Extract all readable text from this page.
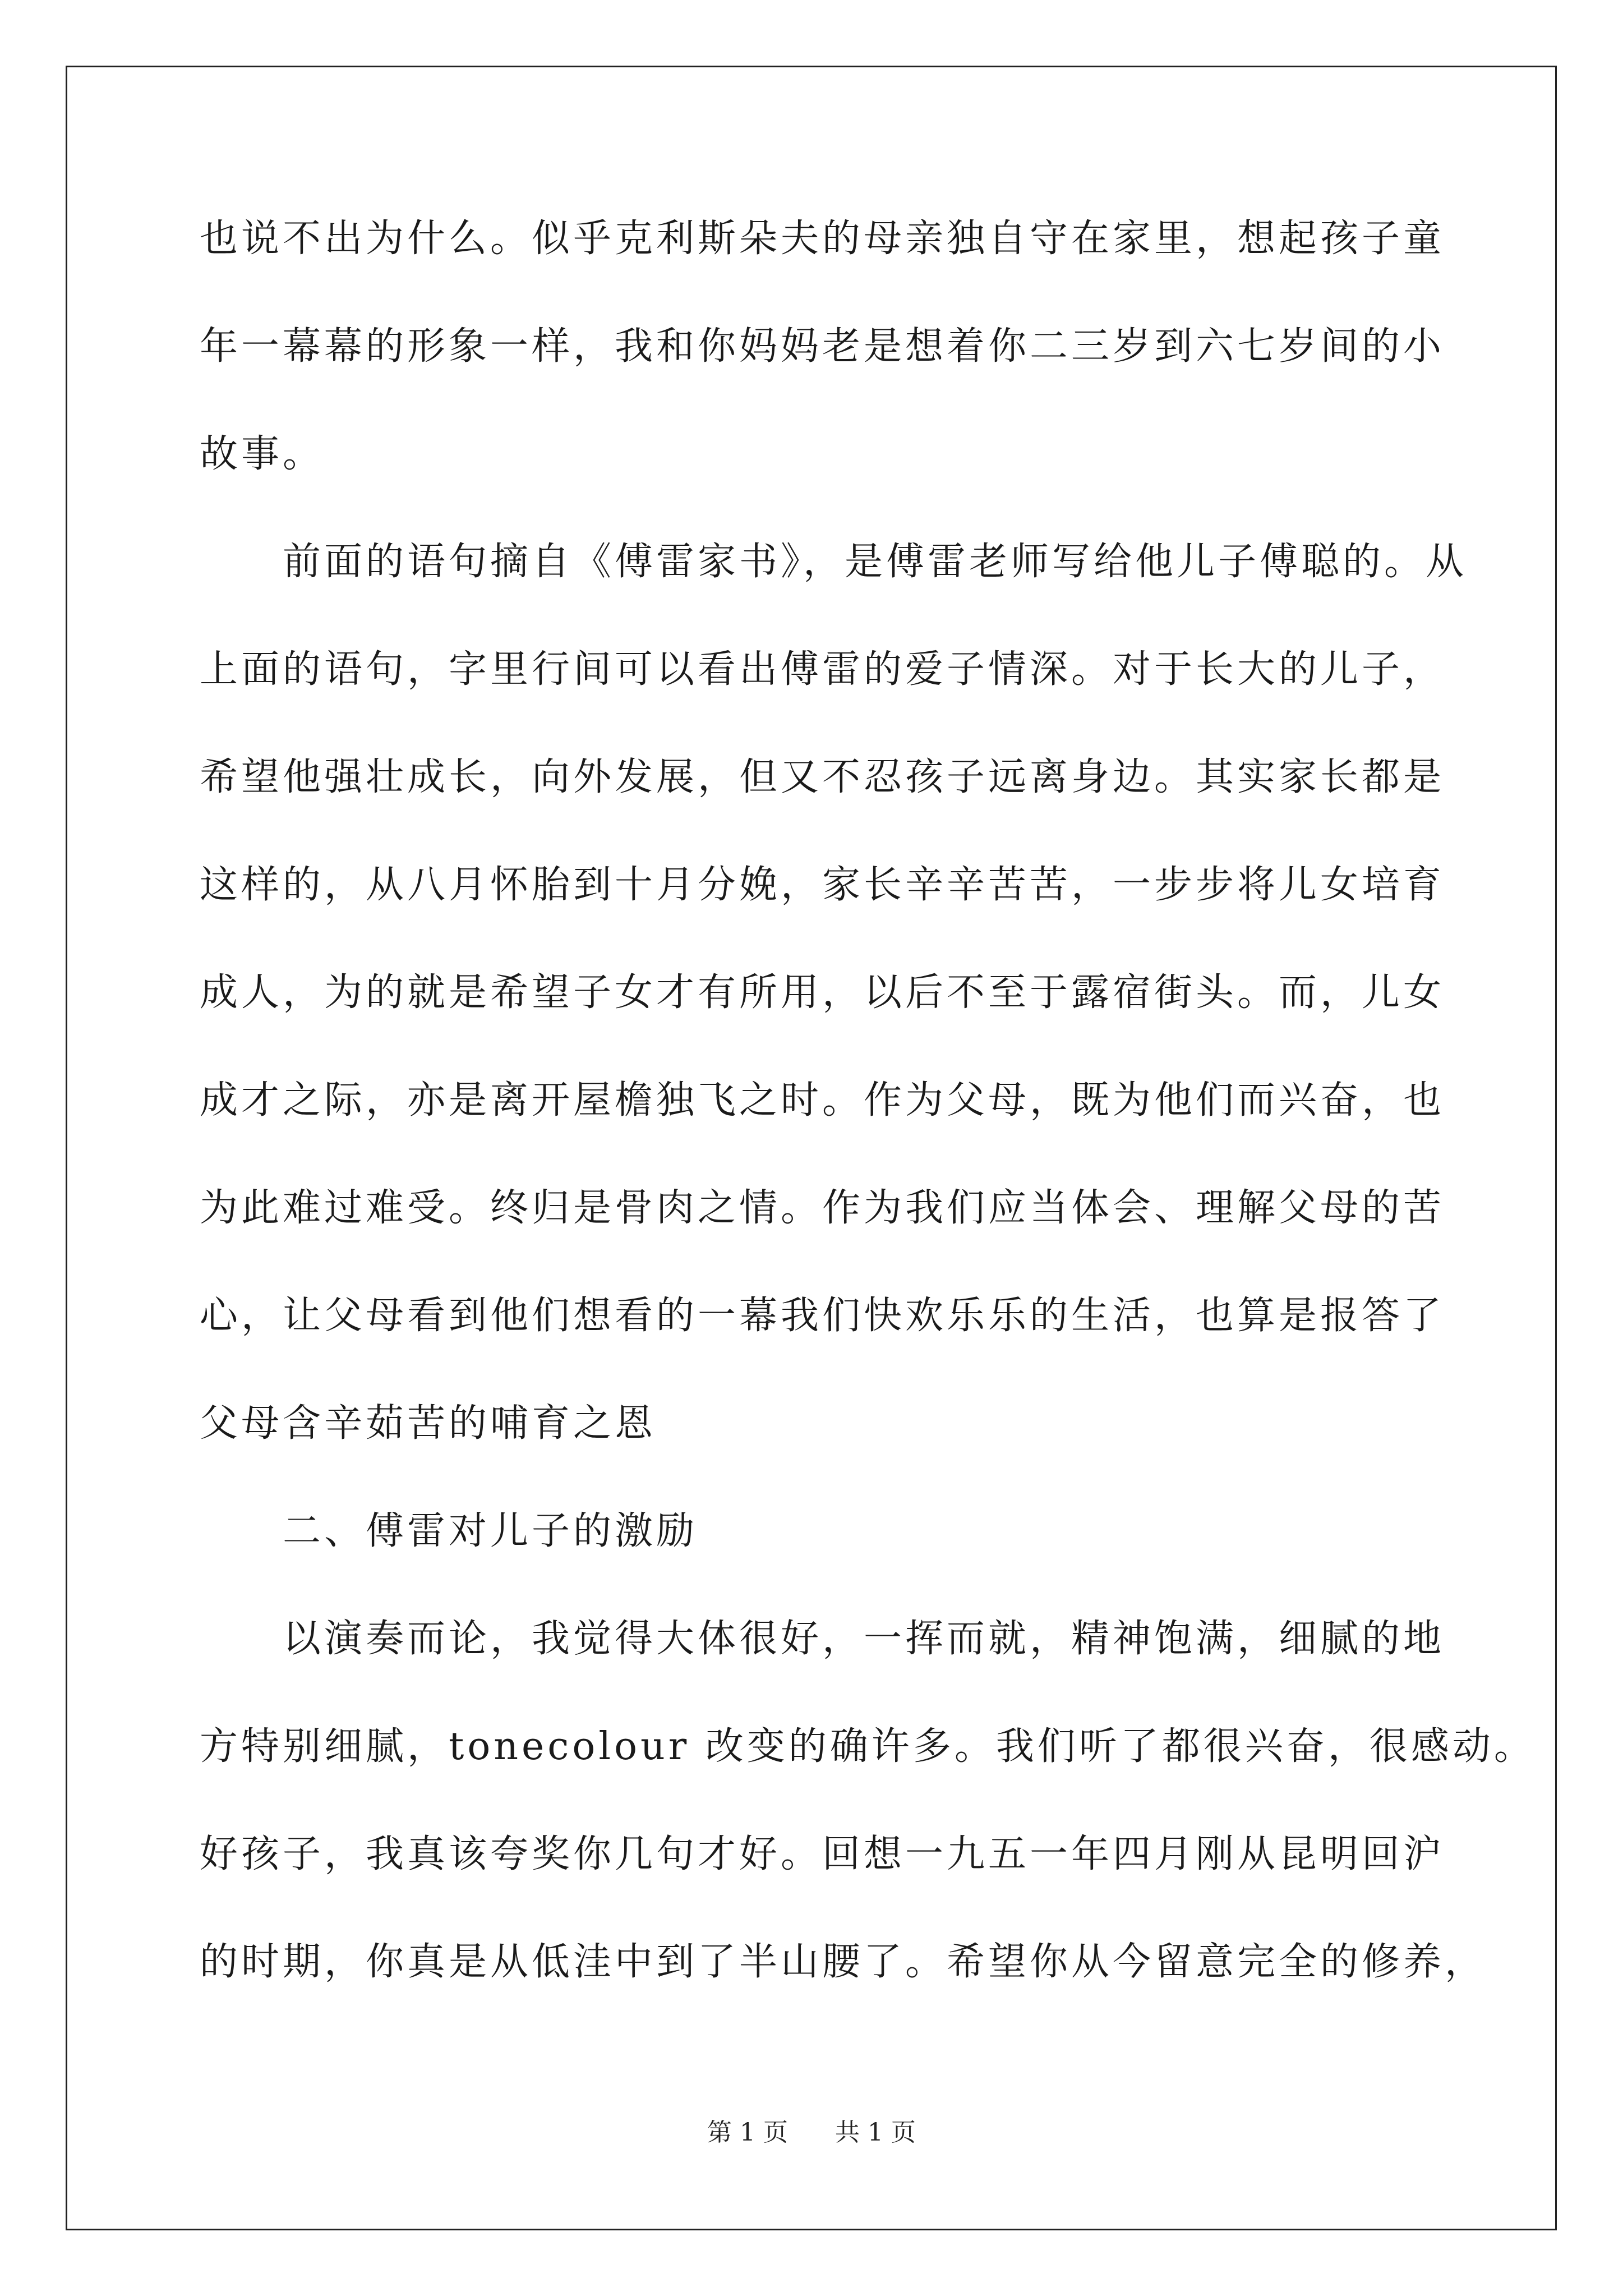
也说不出为什么。似乎克利斯朵夫的母亲独自守在家里，想起孩子童
年一幕幕的形象一样，我和你妈妈老是想着你二三岁到六七岁间的小
故事。
前面的语句摘自《傅雷家书》，是傅雷老师写给他儿子傅聪的。从
上面的语句，字里行间可以看出傅雷的爱子情深。对于长大的儿子，
希望他强壮成长，向外发展，但又不忍孩子远离身边。其实家长都是
这样的，从八月怀胎到十月分娩，家长辛辛苦苦，一步步将儿女培育
成人，为的就是希望子女才有所用，以后不至于露宿街头。而，儿女
成才之际，亦是离开屋檐独飞之时。作为父母，既为他们而兴奋，也
为此难过难受。终归是骨肉之情。作为我们应当体会、理解父母的苦
心，让父母看到他们想看的一幕我们快欢乐乐的生活，也算是报答了
父母含辛茹苦的哺育之恩
二、傅雷对儿子的激励
以演奏而论，我觉得大体很好，一挥而就，精神饱满，细腻的地
方特别细腻，tonecolour 改变的确许多。我们听了都很兴奋，很感动。
好孩子，我真该夸奖你几句才好。回想一九五一年四月刚从昆明回沪
的时期，你真是从低洼中到了半山腰了。希望你从今留意完全的修养，
第 1 页 共 1 页
